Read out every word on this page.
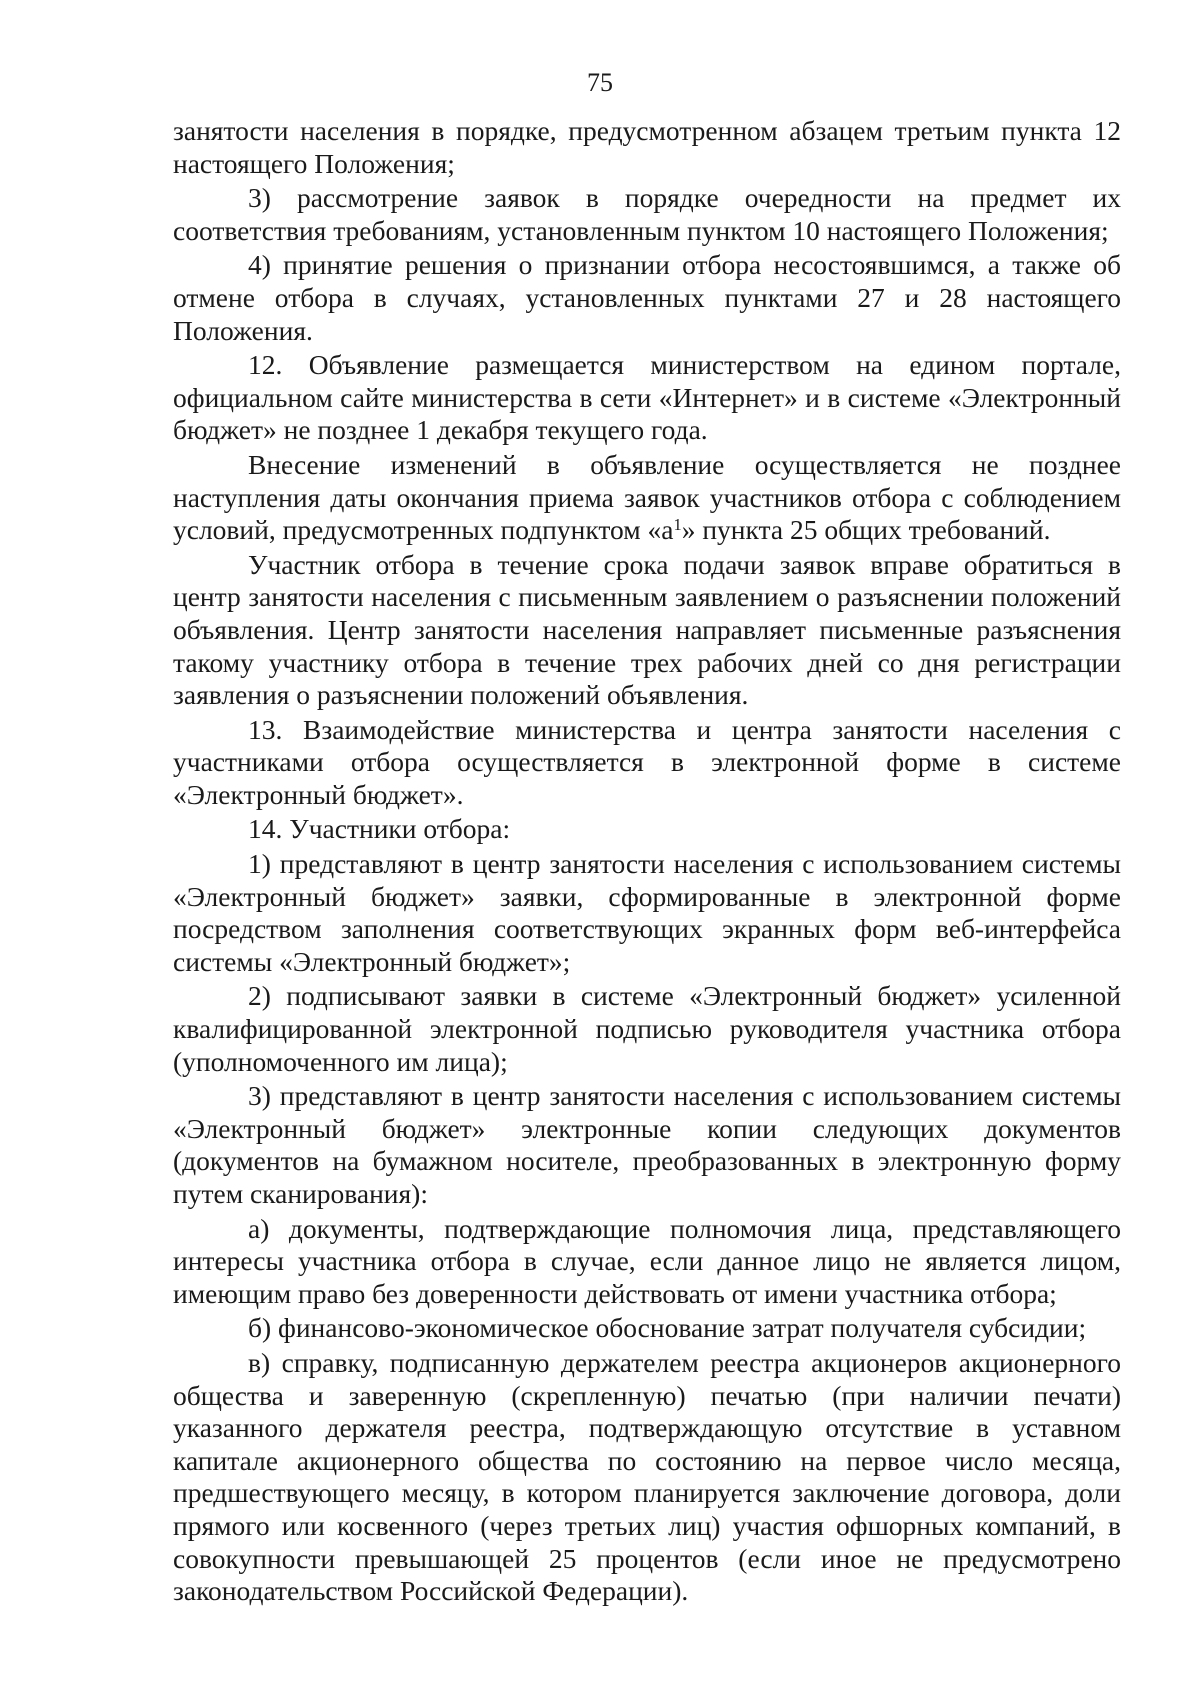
75

занятости населения в порядке, предусмотренном абзацем третьим пункта 12 настоящего Положения;

3) рассмотрение заявок в порядке очередности на предмет их соответствия требованиям, установленным пунктом 10 настоящего Положения;

4) принятие решения о признании отбора несостоявшимся, а также об отмене отбора в случаях, установленных пунктами 27 и 28 настоящего Положения.

12. Объявление размещается министерством на едином портале, официальном сайте министерства в сети «Интернет» и в системе «Электронный бюджет» не позднее 1 декабря текущего года.

Внесение изменений в объявление осуществляется не позднее наступления даты окончания приема заявок участников отбора с соблюдением условий, предусмотренных подпунктом «$а^1$» пункта 25 общих требований.

Участник отбора в течение срока подачи заявок вправе обратиться в центр занятости населения с письменным заявлением о разъяснении положений объявления. Центр занятости населения направляет письменные разъяснения такому участнику отбора в течение трех рабочих дней со дня регистрации заявления о разъяснении положений объявления.

13. Взаимодействие министерства и центра занятости населения с участниками отбора осуществляется в электронной форме в системе «Электронный бюджет».

14. Участники отбора:

1) представляют в центр занятости населения с использованием системы «Электронный бюджет» заявки, сформированные в электронной форме посредством заполнения соответствующих экранных форм веб-интерфейса системы «Электронный бюджет»;

2) подписывают заявки в системе «Электронный бюджет» усиленной квалифицированной электронной подписью руководителя участника отбора (уполномоченного им лица);

3) представляют в центр занятости населения с использованием системы «Электронный бюджет» электронные копии следующих документов (документов на бумажном носителе, преобразованных в электронную форму путем сканирования):

а) документы, подтверждающие полномочия лица, представляющего интересы участника отбора в случае, если данное лицо не является лицом, имеющим право без доверенности действовать от имени участника отбора;

б) финансово-экономическое обоснование затрат получателя субсидии;

в) справку, подписанную держателем реестра акционеров акционерного общества и заверенную (скрепленную) печатью (при наличии печати) указанного держателя реестра, подтверждающую отсутствие в уставном капитале акционерного общества по состоянию на первое число месяца, предшествующего месяцу, в котором планируется заключение договора, доли прямого или косвенного (через третьих лиц) участия офшорных компаний, в совокупности превышающей 25 процентов (если иное не предусмотрено законодательством Российской Федерации).
